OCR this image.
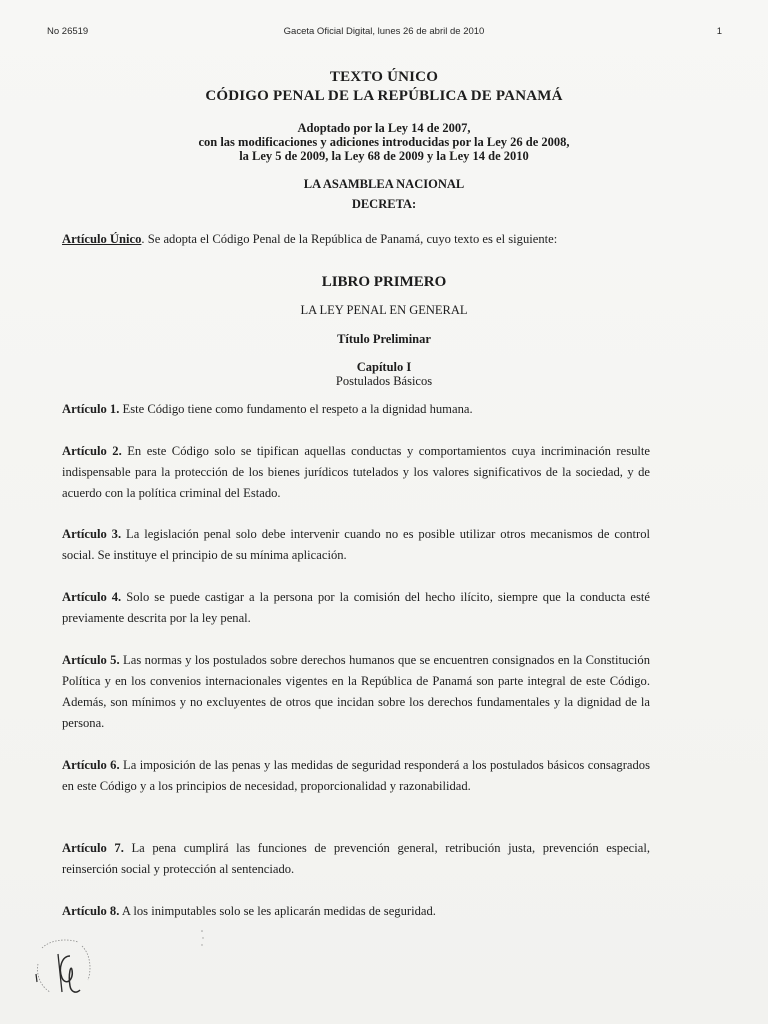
No 26519	Gaceta Oficial Digital, lunes 26 de abril de 2010	1
TEXTO ÚNICO
CÓDIGO PENAL DE LA REPÚBLICA DE PANAMÁ
Adoptado por la Ley 14 de 2007,
con las modificaciones y adiciones introducidas por la Ley 26 de 2008,
la Ley 5 de 2009, la Ley 68 de 2009 y la Ley 14 de 2010
LA ASAMBLEA NACIONAL
DECRETA:
Artículo Único. Se adopta el Código Penal de la República de Panamá, cuyo texto es el siguiente:
LIBRO PRIMERO
LA LEY PENAL EN GENERAL
Título Preliminar
Capítulo I
Postulados Básicos
Artículo 1. Este Código tiene como fundamento el respeto a la dignidad humana.
Artículo 2. En este Código solo se tipifican aquellas conductas y comportamientos cuya incriminación resulte indispensable para la protección de los bienes jurídicos tutelados y los valores significativos de la sociedad, y de acuerdo con la política criminal del Estado.
Artículo 3. La legislación penal solo debe intervenir cuando no es posible utilizar otros mecanismos de control social. Se instituye el principio de su mínima aplicación.
Artículo 4. Solo se puede castigar a la persona por la comisión del hecho ilícito, siempre que la conducta esté previamente descrita por la ley penal.
Artículo 5. Las normas y los postulados sobre derechos humanos que se encuentren consignados en la Constitución Política y en los convenios internacionales vigentes en la República de Panamá son parte integral de este Código. Además, son mínimos y no excluyentes de otros que incidan sobre los derechos fundamentales y la dignidad de la persona.
Artículo 6. La imposición de las penas y las medidas de seguridad responderá a los postulados básicos consagrados en este Código y a los principios de necesidad, proporcionalidad y razonabilidad.
Artículo 7. La pena cumplirá las funciones de prevención general, retribución justa, prevención especial, reinserción social y protección al sentenciado.
Artículo 8. A los inimputables solo se les aplicarán medidas de seguridad.
